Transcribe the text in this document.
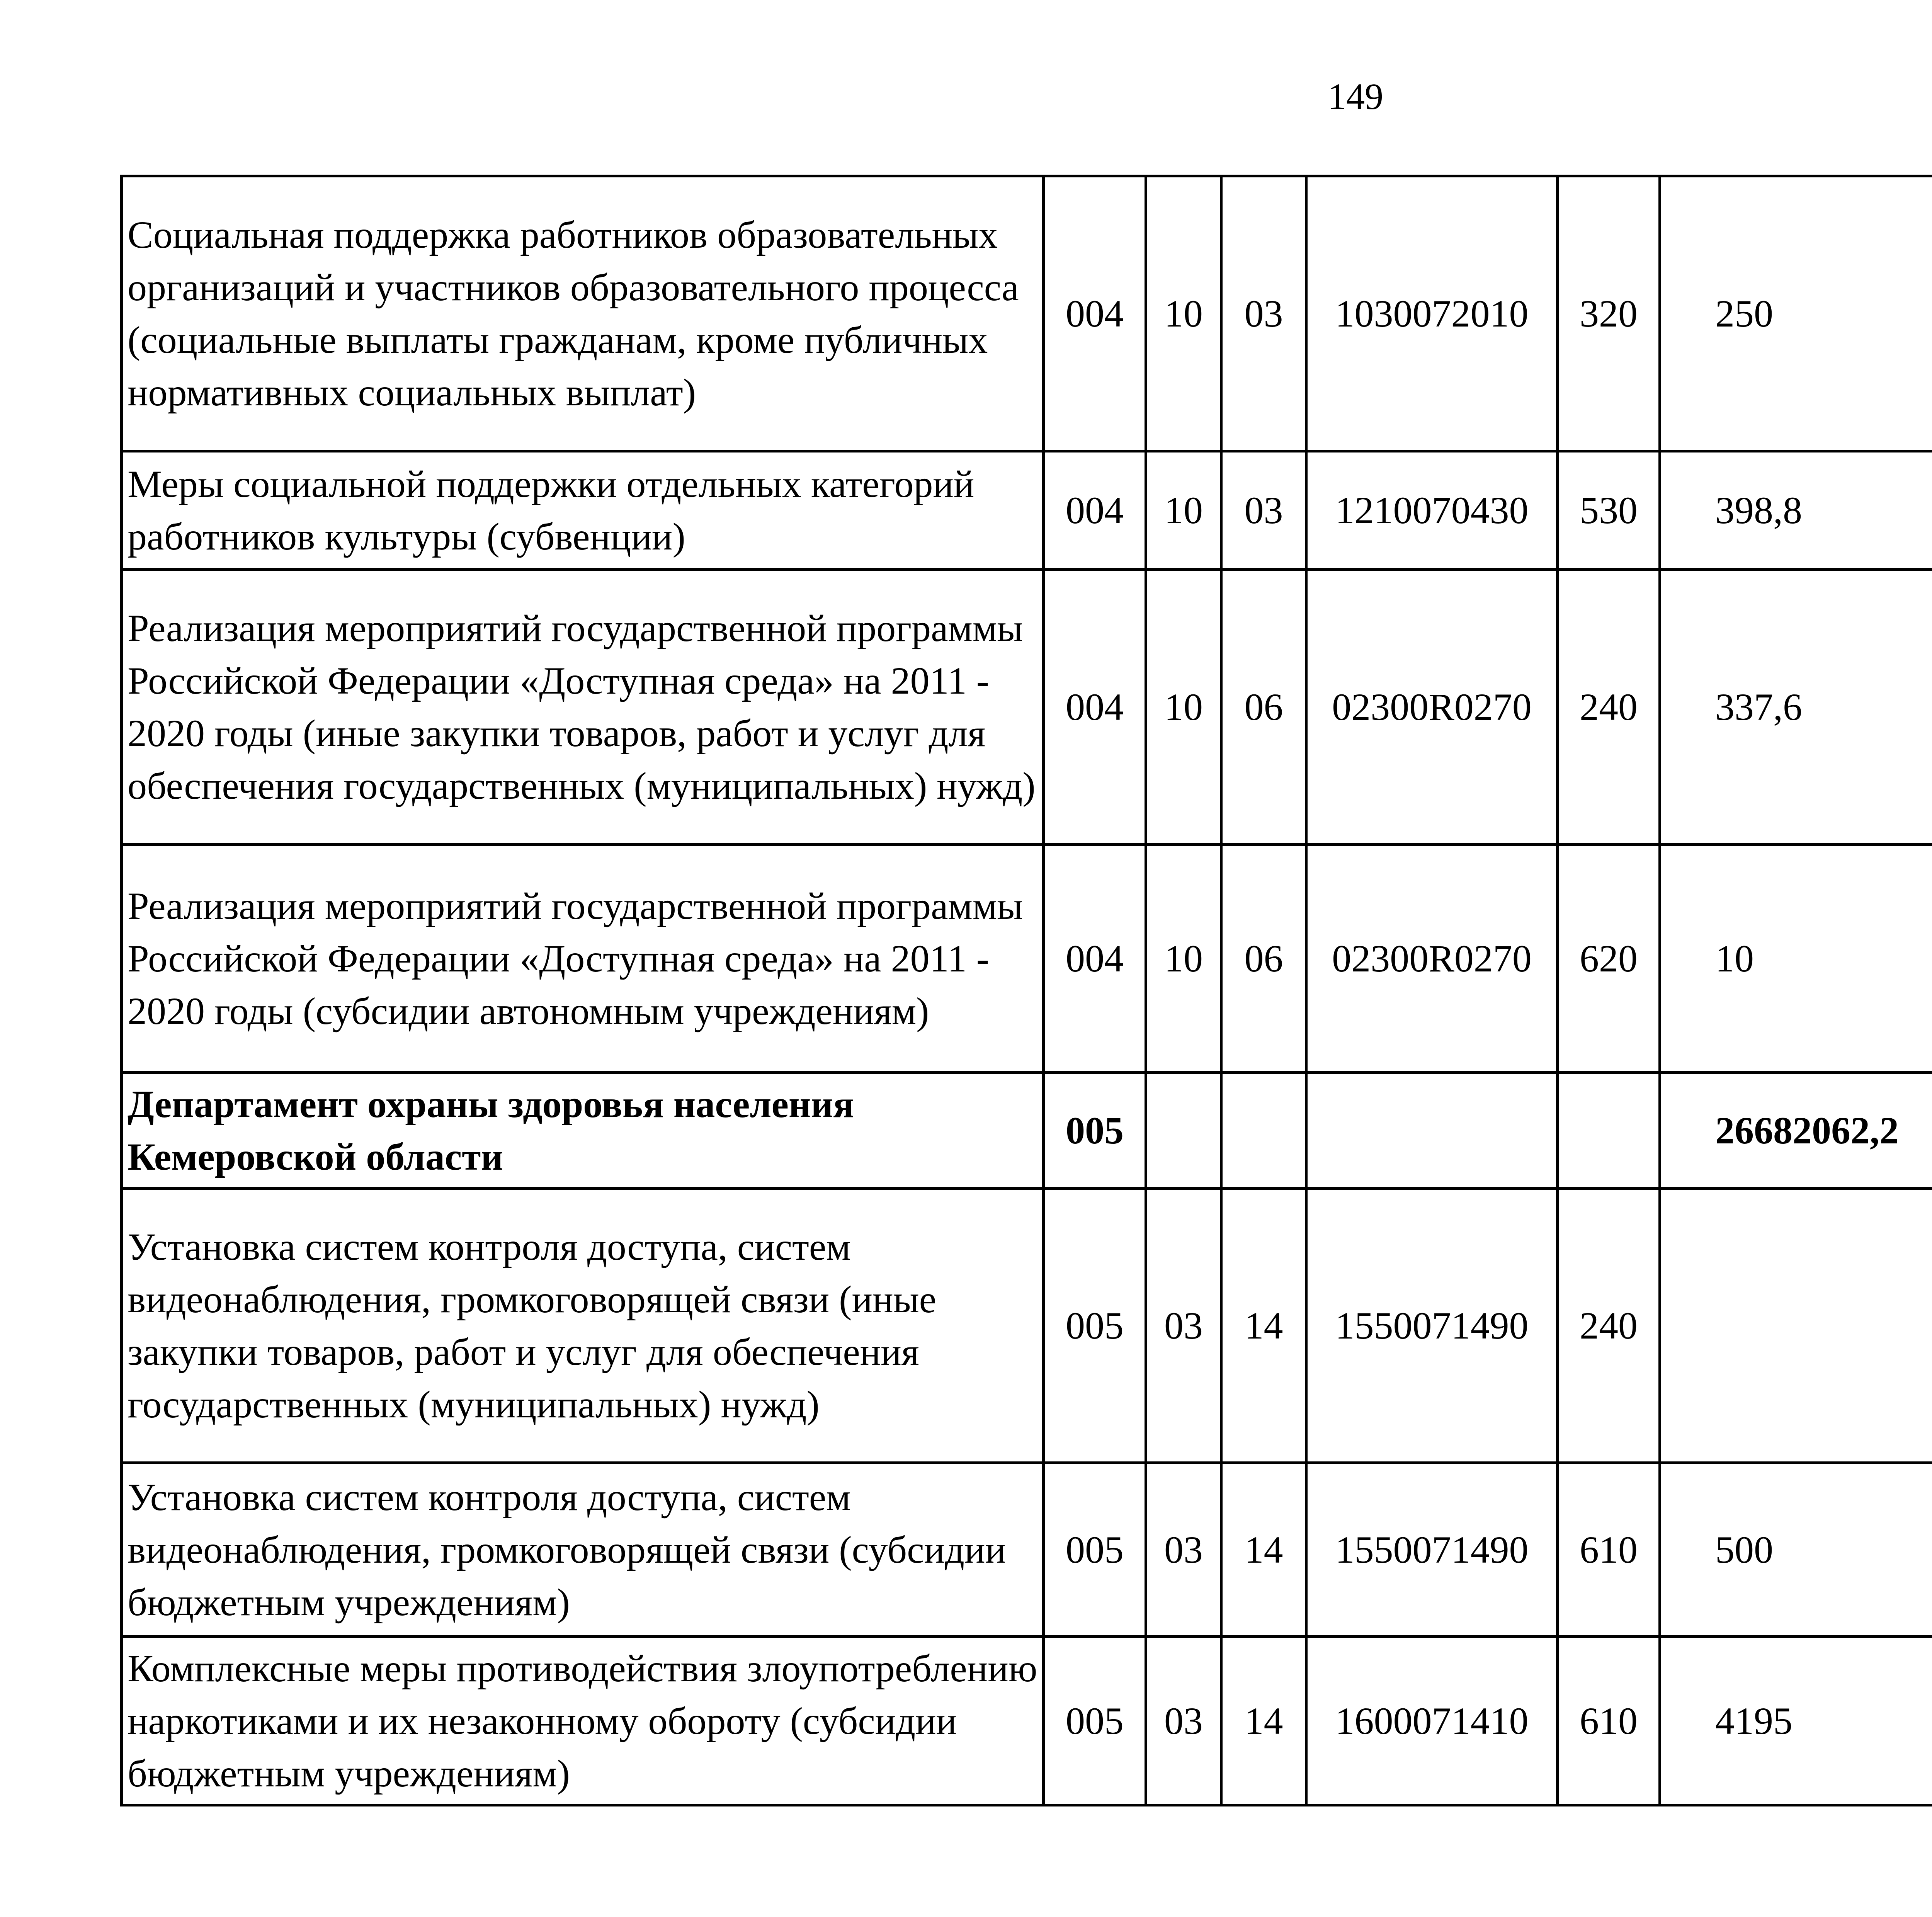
149
Социальная поддержка работников образовательных организаций и участников образовательного процесса (социальные выплаты гражданам, кроме публичных нормативных социальных выплат)	004	10	03	1030072010	320	250		
Меры социальной поддержки отдельных категорий работников культуры (субвенции)	004	10	03	1210070430	530	398,8		
Реализация мероприятий государственной программы Российской Федерации «Доступная среда» на 2011 - 2020 годы (иные закупки товаров, работ и услуг для обеспечения государственных (муниципальных) нужд)	004	10	06	02300R0270	240	337,6		
Реализация мероприятий государственной программы Российской Федерации «Доступная среда» на 2011 - 2020 годы (субсидии автономным учреждениям)	004	10	06	02300R0270	620	10		
Департамент охраны здоровья населения Кемеровской области	005					26682062,2		
Установка систем контроля доступа, систем видеонаблюдения, громкоговорящей связи (иные закупки товаров, работ и услуг для обеспечения государственных (муниципальных) нужд)	005	03	14	1550071490	240			
Установка систем контроля доступа, систем видеонаблюдения, громкоговорящей связи (субсидии бюджетным учреждениям)	005	03	14	1550071490	610	500		
Комплексные меры противодействия злоупотреблению наркотиками и их незаконному обороту (субсидии бюджетным учреждениям)	005	03	14	1600071410	610	4195		
